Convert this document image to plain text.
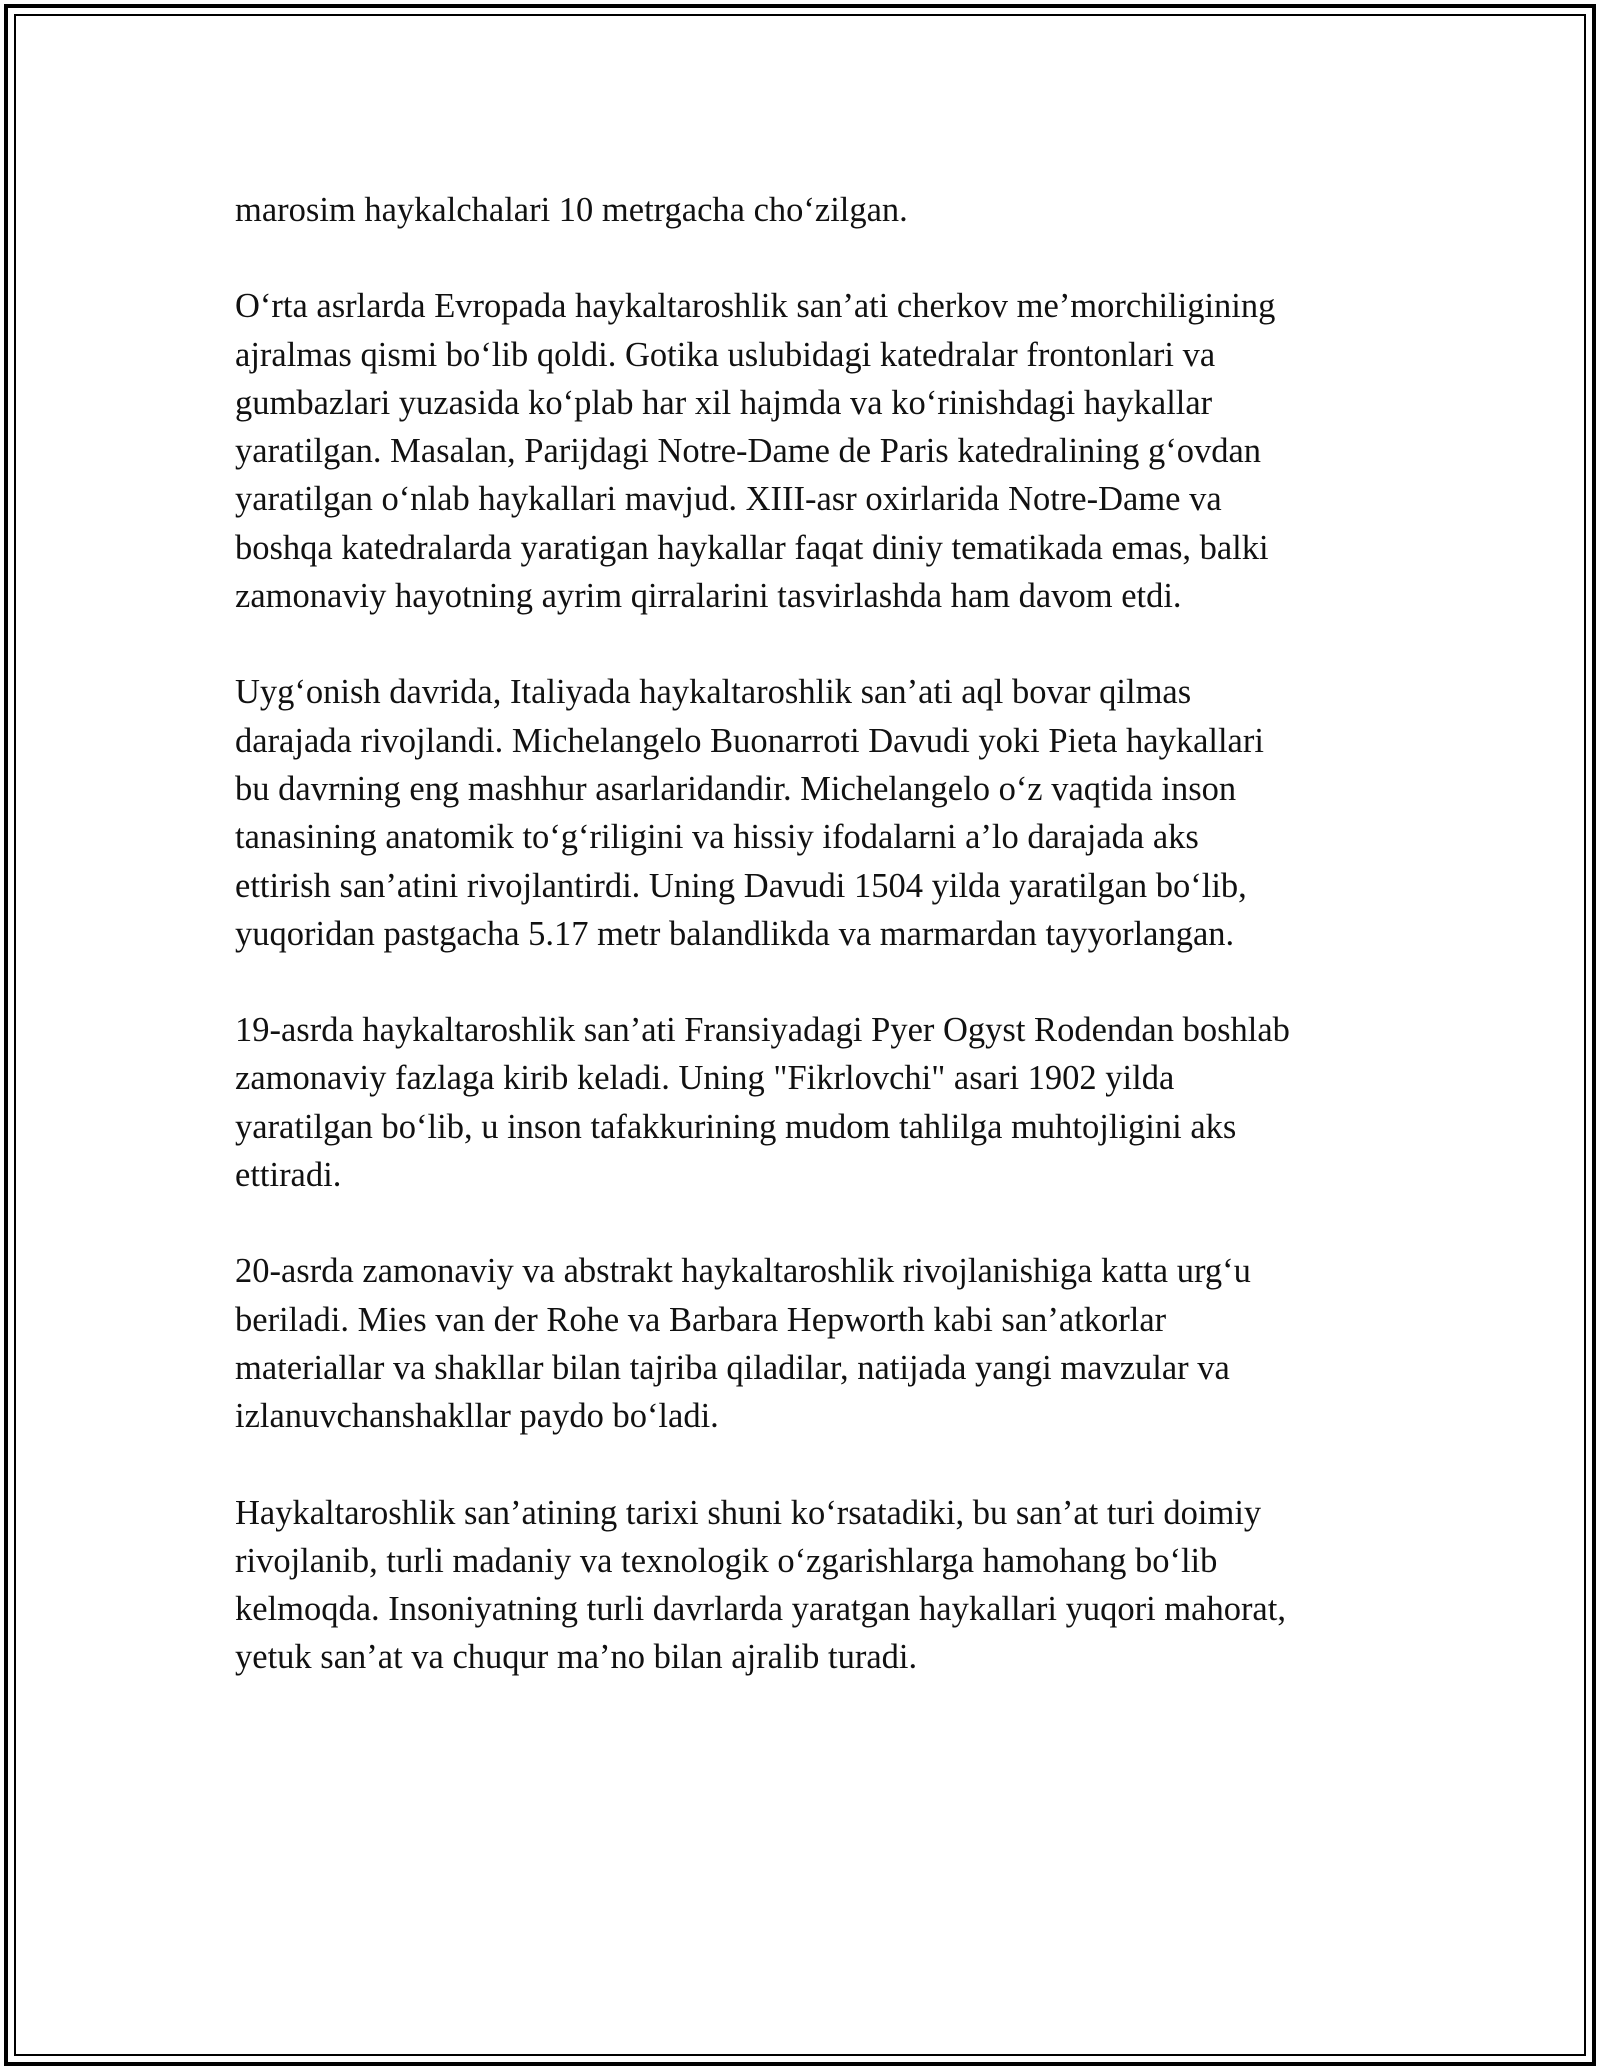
marosim haykalchalari 10 metrgacha cho‘zilgan.

O‘rta asrlarda Evropada haykaltaroshlik san’ati cherkov me’morchiligining
ajralmas qismi bo‘lib qoldi. Gotika uslubidagi katedralar frontonlari va
gumbazlari yuzasida ko‘plab har xil hajmda va ko‘rinishdagi haykallar
yaratilgan. Masalan, Parijdagi Notre-Dame de Paris katedralining g‘ovdan
yaratilgan o‘nlab haykallari mavjud. XIII-asr oxirlarida Notre-Dame va
boshqa katedralarda yaratigan haykallar faqat diniy tematikada emas, balki
zamonaviy hayotning ayrim qirralarini tasvirlashda ham davom etdi.

Uyg‘onish davrida, Italiyada haykaltaroshlik san’ati aql bovar qilmas
darajada rivojlandi. Michelangelo Buonarroti Davudi yoki Pieta haykallari
bu davrning eng mashhur asarlaridandir. Michelangelo o‘z vaqtida inson
tanasining anatomik to‘g‘riligini va hissiy ifodalarni a’lo darajada aks
ettirish san’atini rivojlantirdi. Uning Davudi 1504 yilda yaratilgan bo‘lib,
yuqoridan pastgacha 5.17 metr balandlikda va marmardan tayyorlangan.

19-asrda haykaltaroshlik san’ati Fransiyadagi Pyer Ogyst Rodendan boshlab
zamonaviy fazlaga kirib keladi. Uning "Fikrlovchi" asari 1902 yilda
yaratilgan bo‘lib, u inson tafakkurining mudom tahlilga muhtojligini aks
ettiradi.

20-asrda zamonaviy va abstrakt haykaltaroshlik rivojlanishiga katta urg‘u
beriladi. Mies van der Rohe va Barbara Hepworth kabi san’atkorlar
materiallar va shakllar bilan tajriba qiladilar, natijada yangi mavzular va
izlanuvchanshakllar paydo bo‘ladi.

Haykaltaroshlik san’atining tarixi shuni ko‘rsatadiki, bu san’at turi doimiy
rivojlanib, turli madaniy va texnologik o‘zgarishlarga hamohang bo‘lib
kelmoqda. Insoniyatning turli davrlarda yaratgan haykallari yuqori mahorat,
yetuk san’at va chuqur ma’no bilan ajralib turadi.
